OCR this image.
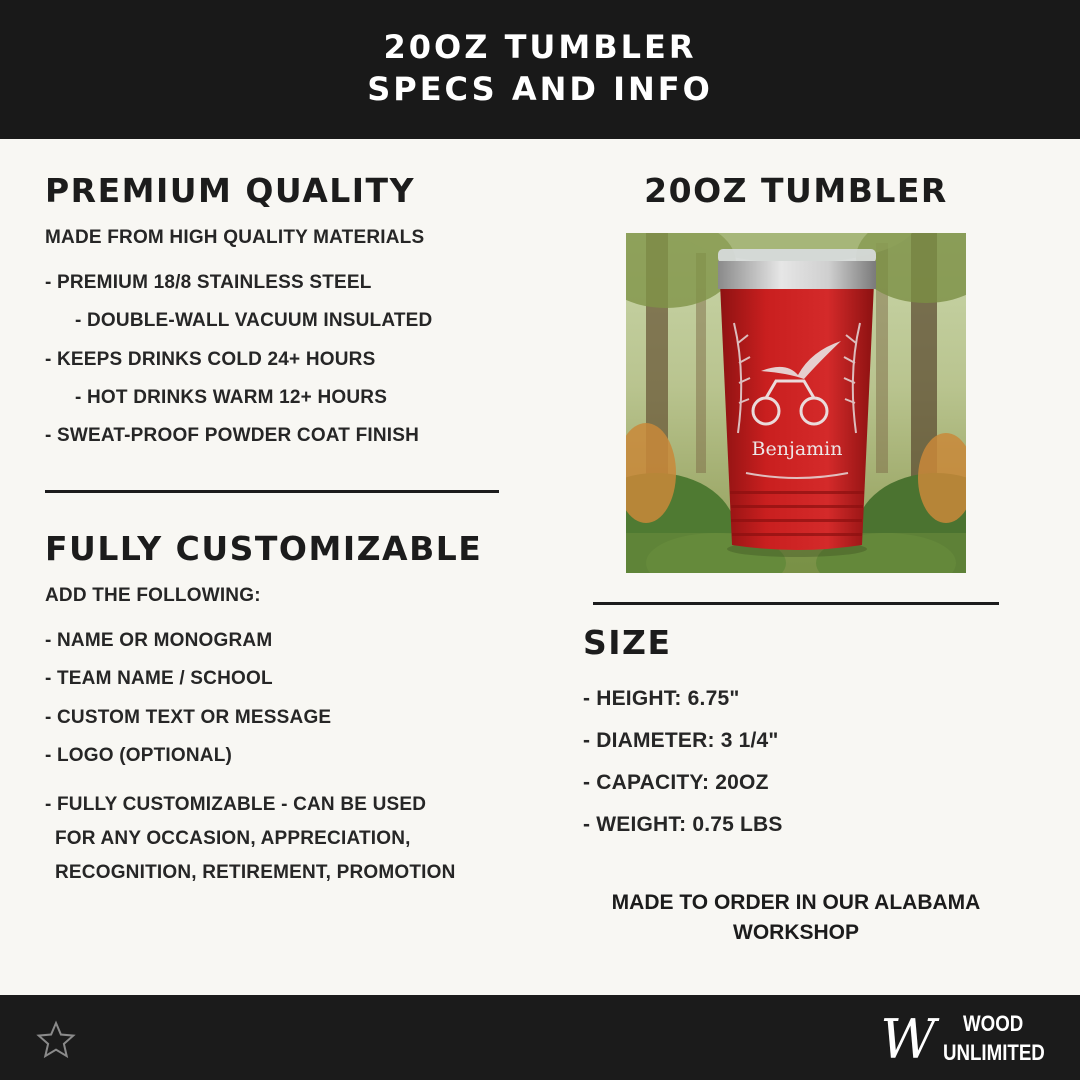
20OZ TUMBLER
SPECS AND INFO
PREMIUM QUALITY
MADE FROM HIGH QUALITY MATERIALS
- PREMIUM 18/8 STAINLESS STEEL
- DOUBLE-WALL VACUUM INSULATED
- KEEPS DRINKS COLD 24+ HOURS
- HOT DRINKS WARM 12+ HOURS
- SWEAT-PROOF POWDER COAT FINISH
FULLY CUSTOMIZABLE
ADD THE FOLLOWING:
- NAME OR MONOGRAM
- TEAM NAME / SCHOOL
- CUSTOM TEXT OR MESSAGE
- LOGO (OPTIONAL)
- FULLY CUSTOMIZABLE - CAN BE USED
FOR ANY OCCASION, APPRECIATION,
RECOGNITION, RETIREMENT, PROMOTION
20OZ TUMBLER
Benjamin
SIZE
- HEIGHT: 6.75"
- DIAMETER: 3 1/4"
- CAPACITY: 20OZ
- WEIGHT: 0.75 LBS
MADE TO ORDER IN OUR ALABAMA
WORKSHOP
W WOOD
UNLIMITED
